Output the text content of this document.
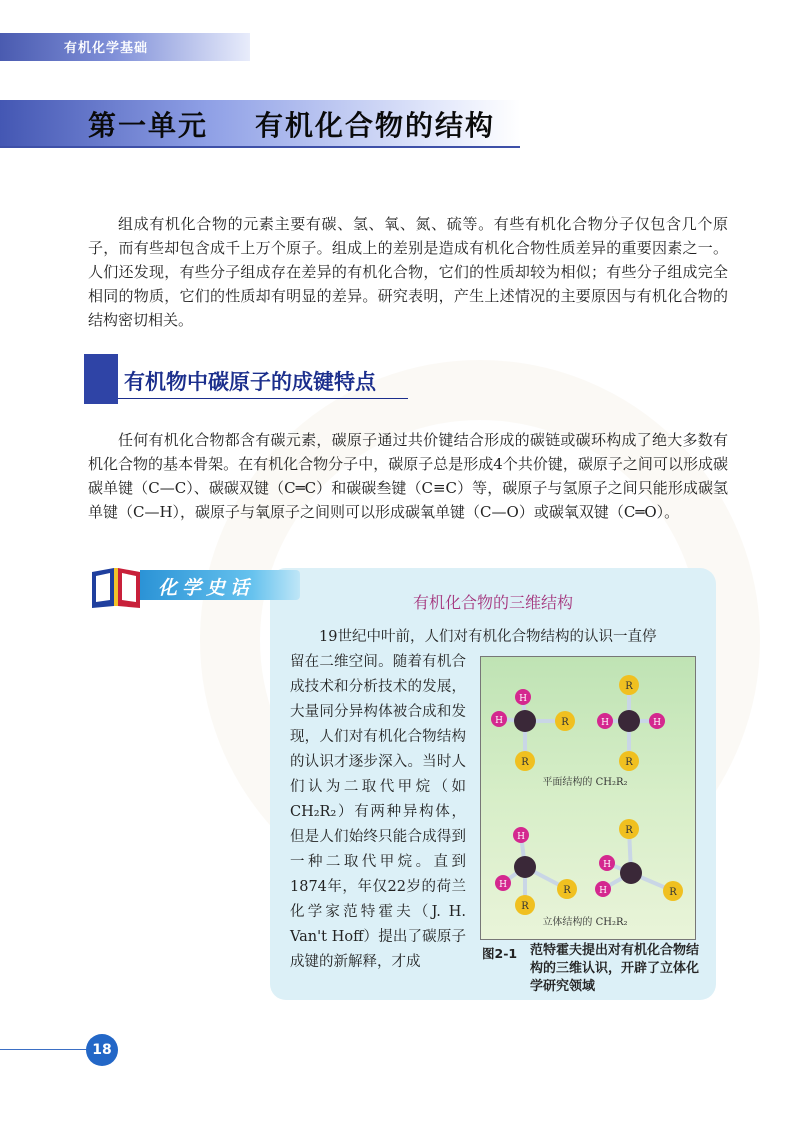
有机化学基础
第一单元    有机化合物的结构

组成有机化合物的元素主要有碳、氢、氧、氮、硫等。有些有机化合物分子仅包含几个原子，而有些却包含成千上万个原子。组成上的差别是造成有机化合物性质差异的重要因素之一。人们还发现，有些分子组成存在差异的有机化合物，它们的性质却较为相似；有些分子组成完全相同的物质，它们的性质却有明显的差异。研究表明，产生上述情况的主要原因与有机化合物的结构密切相关。

有机物中碳原子的成键特点

任何有机化合物都含有碳元素，碳原子通过共价键结合形成的碳链或碳环构成了绝大多数有机化合物的基本骨架。在有机化合物分子中，碳原子总是形成4个共价键，碳原子之间可以形成碳碳单键（C—C）、碳碳双键（C═C）和碳碳叁键（C≡C）等，碳原子与氢原子之间只能形成碳氢单键（C—H），碳原子与氧原子之间则可以形成碳氧单键（C—O）或碳氧双键（C═O）。

化学史话

有机化合物的三维结构

19世纪中叶前，人们对有机化合物结构的认识一直停

留在二维空间。随着有机合成技术和分析技术的发展，大量同分异构体被合成和发现，人们对有机化合物结构的认识才逐步深入。当时人们认为二取代甲烷（如CH₂R₂）有两种异构体，但是人们始终只能合成得到一种二取代甲烷。直到1874年，年仅22岁的荷兰化学家范特霍夫（J. H. Van't Hoff）提出了碳原子成键的新解释，才成

H
H	R
R
R
H	H
R
平面结构的 CH₂R₂
H
H	R
R
R
H
H	R
立体结构的 CH₂R₂
图2-1 范特霍夫提出对有机化合物结构的三维认识，开辟了立体化学研究领域

18
